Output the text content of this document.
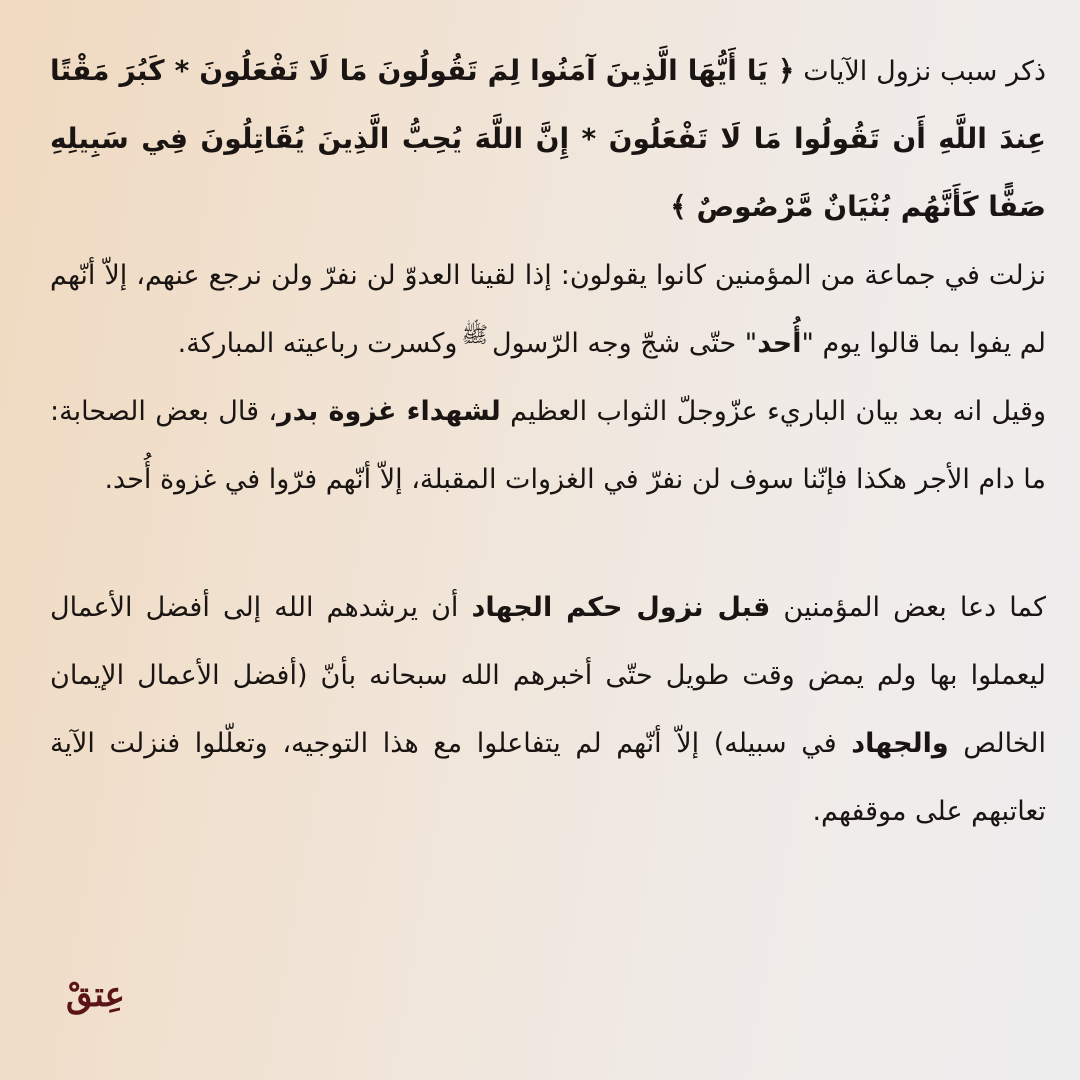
ذكر سبب نزول الآيات ﴿ يَا أَيُّهَا الَّذِينَ آمَنُوا لِمَ تَقُولُونَ مَا لَا تَفْعَلُونَ * كَبُرَ مَقْتًا عِندَ اللَّهِ أَن تَقُولُوا مَا لَا تَفْعَلُونَ * إِنَّ اللَّهَ يُحِبُّ الَّذِينَ يُقَاتِلُونَ فِي سَبِيلِهِ صَفًّا كَأَنَّهُم بُنْيَانٌ مَّرْصُوصٌ ﴾

نزلت في جماعة من المؤمنين كانوا يقولون: إذا لقينا العدوّ لن نفرّ ولن نرجع عنهم، إلاّ أنّهم لم يفوا بما قالوا يوم "أُحد" حتّى شجّ وجه الرّسول$^ﷺ$وكسرت رباعيته المباركة.

وقيل انه بعد بيان الباريء عزّوجلّ الثواب العظيم لشهداء غزوة بدر، قال بعض الصحابة: ما دام الأجر هكذا فإنّنا سوف لن نفرّ في الغزوات المقبلة، إلاّ أنّهم فرّوا في غزوة أُحد.

كما دعا بعض المؤمنين قبل نزول حكم الجهاد أن يرشدهم الله إلى أفضل الأعمال ليعملوا بها ولم يمض وقت طويل حتّى أخبرهم الله سبحانه بأنّ (أفضل الأعمال الإيمان الخالص والجهاد في سبيله) إلاّ أنّهم لم يتفاعلوا مع هذا التوجيه، وتعلّلوا فنزلت الآية تعاتبهم على موقفهم.

عِتقْ
